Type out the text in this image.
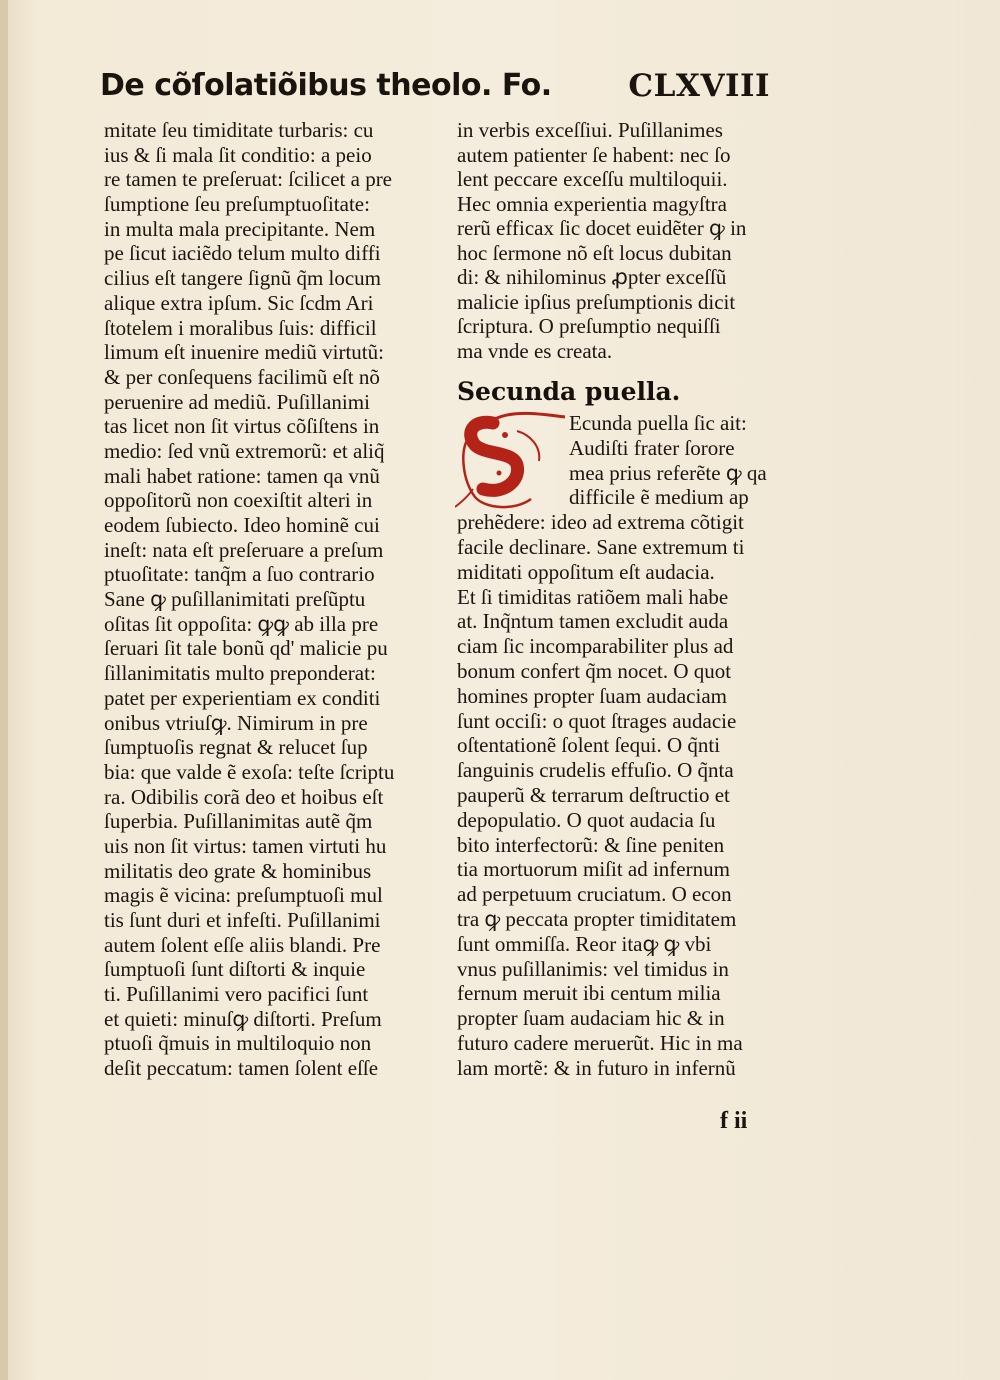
De cõſolatiõibus theolo. Fo. CLXVIII
mitate ſeu timiditate turbaris: cu
ius & ſi mala ſit conditio: a peio
re tamen te preſeruat: ſcilicet a pre
ſumptione ſeu preſumptuoſitate:
in multa mala precipitante. Nem
pe ſicut iaciẽdo telum multo diffi
cilius eſt tangere ſignũ q̃m locum
alique extra ipſum. Sic ſcdm Ari
ſtotelem i moralibus ſuis: difficil
limum eſt inuenire mediũ virtutũ:
& per conſequens facilimũ eſt nõ
peruenire ad mediũ. Puſillanimi
tas licet non ſit virtus cõſiſtens in
medio: ſed vnũ extremorũ: et aliq̃
mali habet ratione: tamen qa vnũ
oppoſitorũ non coexiſtit alteri in
eodem ſubiecto. Ideo hominẽ cui
ineſt: nata eſt preſeruare a preſum
ptuoſitate: tanq̃m a ſuo contrario
Sane ꝙ puſillanimitati preſũptu
oſitas ſit oppoſita: ꝙꝙ ab illa pre
ſeruari ſit tale bonũ qd' malicie pu
ſillanimitatis multo preponderat:
patet per experientiam ex conditi
onibus vtriuſꝙ. Nimirum in pre
ſumptuoſis regnat & relucet ſup
bia: que valde ẽ exoſa: teſte ſcriptu
ra. Odibilis corã deo et hoibus eſt
ſuperbia. Puſillanimitas autẽ q̃m
uis non ſit virtus: tamen virtuti hu
militatis deo grate & hominibus
magis ẽ vicina: preſumptuoſi mul
tis ſunt duri et infeſti. Puſillanimi
autem ſolent eſſe aliis blandi. Pre
ſumptuoſi ſunt diſtorti & inquie
ti. Puſillanimi vero pacifici ſunt
et quieti: minuſꝙ diſtorti. Preſum
ptuoſi q̃muis in multiloquio non
deſit peccatum: tamen ſolent eſſe
in verbis exceſſiui. Puſillanimes
autem patienter ſe habent: nec ſo
lent peccare exceſſu multiloquii.
Hec omnia experientia magyſtra
rerũ efficax ſic docet euidẽter ꝙ in
hoc ſermone nõ eſt locus dubitan
di: & nihilominus ꝓpter exceſſũ
malicie ipſius preſumptionis dicit
ſcriptura. O preſumptio nequiſſi
ma vnde es creata.
Secunda puella.
Ecunda puella ſic ait:
Audiſti frater ſorore
mea prius referẽte ꝙ qa
difficile ẽ medium ap
prehẽdere: ideo ad extrema cõtigit
facile declinare. Sane extremum ti
miditati oppoſitum eſt audacia.
Et ſi timiditas ratiõem mali habe
at. Inq̃ntum tamen excludit auda
ciam ſic incomparabiliter plus ad
bonum confert q̃m nocet. O quot
homines propter ſuam audaciam
ſunt occiſi: o quot ſtrages audacie
oſtentationẽ ſolent ſequi. O q̃nti
ſanguinis crudelis effuſio. O q̃nta
pauperũ & terrarum deſtructio et
depopulatio. O quot audacia ſu
bito interfectorũ: & ſine peniten
tia mortuorum miſit ad infernum
ad perpetuum cruciatum. O econ
tra ꝙ peccata propter timiditatem
ſunt ommiſſa. Reor itaꝙ ꝙ vbi
vnus puſillanimis: vel timidus in
fernum meruit ibi centum milia
propter ſuam audaciam hic & in
futuro cadere meruerũt. Hic in ma
lam mortẽ: & in futuro in infernũ
f ii
